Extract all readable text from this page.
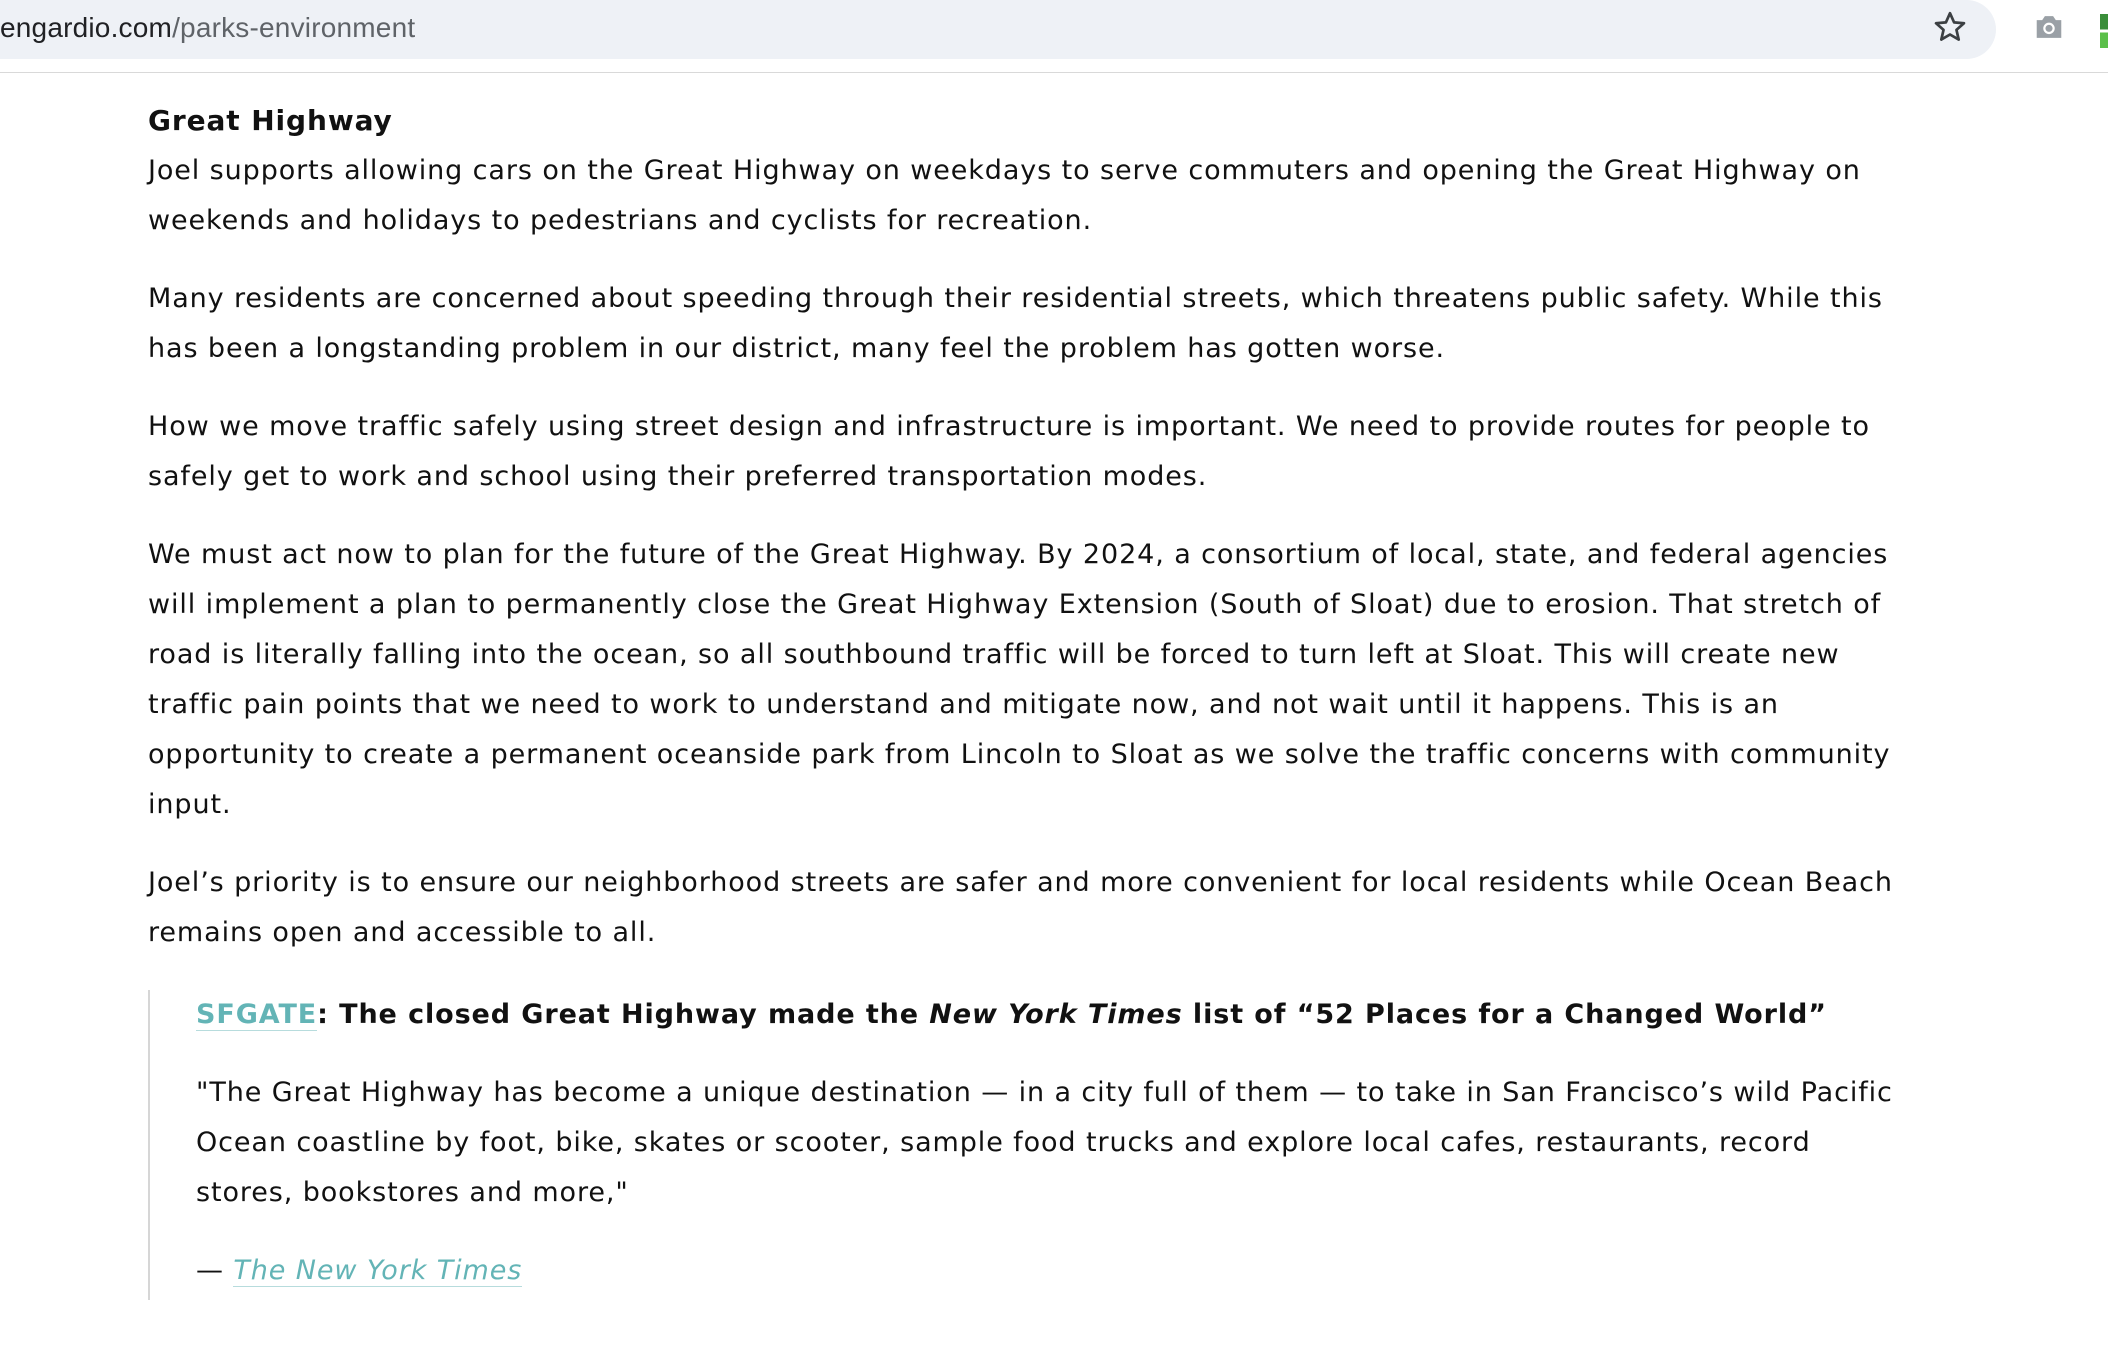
engardio.com/parks-environment
Great Highway

Joel supports allowing cars on the Great Highway on weekdays to serve commuters and opening the Great Highway on weekends and holidays to pedestrians and cyclists for recreation.

Many residents are concerned about speeding through their residential streets, which threatens public safety. While this has been a longstanding problem in our district, many feel the problem has gotten worse.

How we move traffic safely using street design and infrastructure is important. We need to provide routes for people to safely get to work and school using their preferred transportation modes.

We must act now to plan for the future of the Great Highway. By 2024, a consortium of local, state, and federal agencies will implement a plan to permanently close the Great Highway Extension (South of Sloat) due to erosion. That stretch of road is literally falling into the ocean, so all southbound traffic will be forced to turn left at Sloat. This will create new traffic pain points that we need to work to understand and mitigate now, and not wait until it happens. This is an opportunity to create a permanent oceanside park from Lincoln to Sloat as we solve the traffic concerns with community input.

Joel’s priority is to ensure our neighborhood streets are safer and more convenient for local residents while Ocean Beach remains open and accessible to all.

SFGATE: The closed Great Highway made the New York Times list of “52 Places for a Changed World”

"The Great Highway has become a unique destination — in a city full of them — to take in San Francisco’s wild Pacific Ocean coastline by foot, bike, skates or scooter, sample food trucks and explore local cafes, restaurants, record stores, bookstores and more,"

— The New York Times
